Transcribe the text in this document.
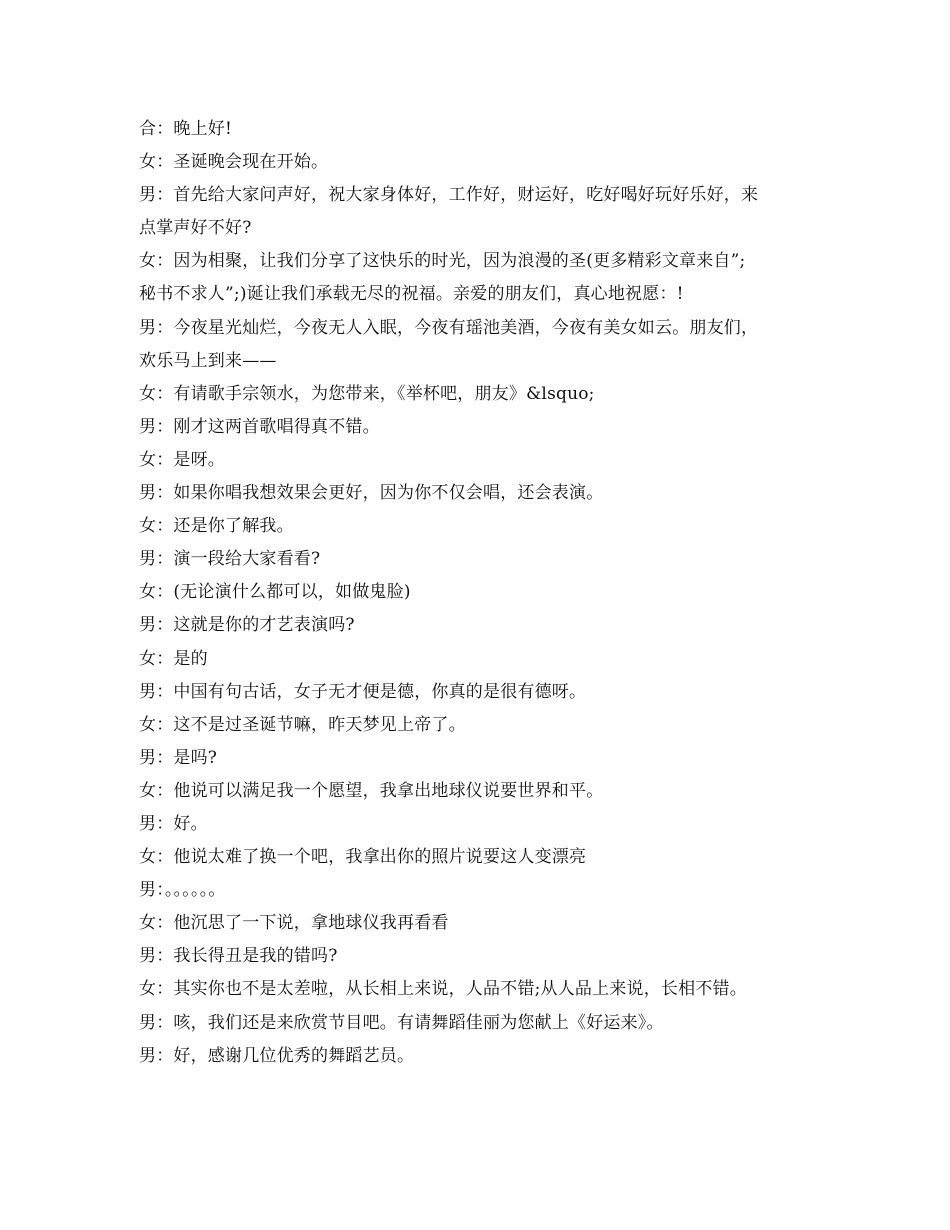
合：晚上好!
女：圣诞晚会现在开始。
男：首先给大家问声好，祝大家身体好，工作好，财运好，吃好喝好玩好乐好，来
点掌声好不好?
女：因为相聚，让我们分享了这快乐的时光，因为浪漫的圣(更多精彩文章来自”;
秘书不求人”;)诞让我们承载无尽的祝福。亲爱的朋友们，真心地祝愿：!
男：今夜星光灿烂，今夜无人入眠，今夜有瑶池美酒，今夜有美女如云。朋友们，
欢乐马上到来——
女：有请歌手宗领水，为您带来，《举杯吧，朋友》&lsquo;
男：刚才这两首歌唱得真不错。
女：是呀。
男：如果你唱我想效果会更好，因为你不仅会唱，还会表演。
女：还是你了解我。
男：演一段给大家看看?
女：(无论演什么都可以，如做鬼脸)
男：这就是你的才艺表演吗?
女：是的
男：中国有句古话，女子无才便是德，你真的是很有德呀。
女：这不是过圣诞节嘛，昨天梦见上帝了。
男：是吗?
女：他说可以满足我一个愿望，我拿出地球仪说要世界和平。
男：好。
女：他说太难了换一个吧，我拿出你的照片说要这人变漂亮
男：。。。。。。
女：他沉思了一下说，拿地球仪我再看看
男：我长得丑是我的错吗?
女：其实你也不是太差啦，从长相上来说，人品不错;从人品上来说，长相不错。
男：咳，我们还是来欣赏节目吧。有请舞蹈佳丽为您献上《好运来》。
男：好，感谢几位优秀的舞蹈艺员。
